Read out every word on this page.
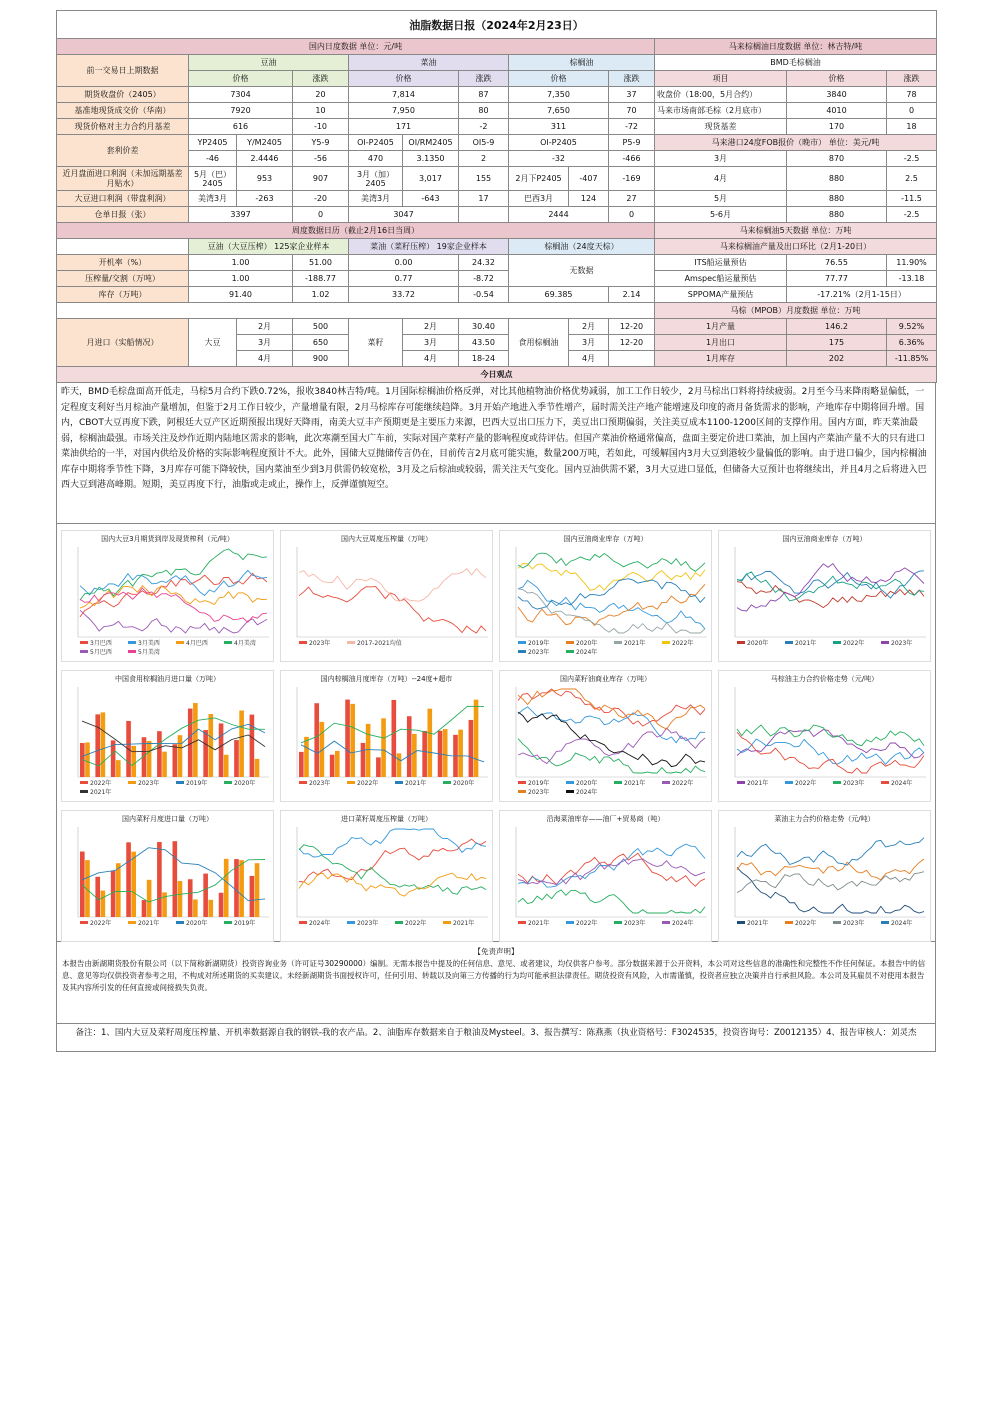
油脂数据日报（2024年2月23日）												
国内日度数据 单位：元/吨										马来棕榈油日度数据 单位：林吉特/吨		
前一交易日上期数据	豆油			菜油			棕榈油			BMD毛棕榈油		
	价格		涨跌	价格		涨跌	价格		涨跌	项目	价格	涨跌
期货收盘价（2405）	7304		20	7,814		87	7,350		37	收盘价（18:00，5月合约）	3840	78
基准地现货成交价（华南）	7920		10	7,950		80	7,650		70	马来市场南部毛棕（2月底市）	4010	0
现货价格对主力合约月基差	616		-10	171		-2	311		-72	现货基差	170	18
套利价差	YP2405	Y/M2405	Y5-9	OI-P2405	OI/RM2405	OI5-9	OI-P2405		P5-9	马来港口24度FOB报价（晚市） 单位：美元/吨		
	-46	2.4446	-56	470	3.1350	2	-32		-466	3月	870	-2.5
近月盘面进口利润（未加远期基差月贴水）	5月（巴）2405	953	907	3月（加）2405	3,017	155	2月下P2405	-407	-169	4月	880	2.5
大豆进口利润（带盘利润）	美湾3月	-263	-20	美湾3月	-643	17	巴西3月	124	27	5月	880	-11.5
仓单日报（张）	3397		0	3047			2444		0	5-6月	880	-2.5
周度数据日历（截止2月16日当周）										马来棕榈油5天数据 单位：万吨		
	豆油（大豆压榨） 125家企业样本			菜油（菜籽压榨） 19家企业样本			棕榈油（24度天棕）			马来棕榈油产量及出口环比（2月1-20日）		
开机率（%）	1.00		51.00	0.00		24.32	无数据			ITS船运量预估	76.55	11.90%
压榨量/交割（万吨）	1.00		-188.77	0.77		-8.72				Amspec船运量预估	77.77	-13.18
库存（万吨）	91.40		1.02	33.72		-0.54	69.385		2.14	SPPOMA产量预估	-17.21%（2月1-15日）	
										马棕（MPOB）月度数据 单位：万吨		
月进口（实船情况）	大豆	2月	500	菜籽	2月	30.40	食用棕榈油	2月	12-20	1月产量	146.2	9.52%
		3月	650		3月	43.50		3月	12-20	1月出口	175	6.36%
		4月	900		4月	18-24		4月		1月库存	202	-11.85%
今日观点												
昨天，BMD毛棕盘面高开低走，马棕5月合约下跌0.72%，报收3840林吉特/吨。1月国际棕榈油价格反弹，对比其他植物油价格优势减弱，加工工作日较少，2月马棕出口料将持续疲弱。2月至今马来降雨略显偏低，一定程度支利好当月棕油产量增加，但鉴于2月工作日较少，产量增量有限，2月马棕库存可能继续趋降。3月开始产地进入季节性增产，届时需关注产地产能增速及印度的斋月备货需求的影响，产地库存中期将回升增。国内，CBOT大豆再度下跌，阿根廷大豆产区近期预报出现好天降雨，南美大豆丰产预期更是主要压力来源，巴西大豆出口压力下，美豆出口预期偏弱，关注美豆成本1100-1200区间的支撑作用。国内方面，昨天菜油最弱，棕榈油最强。市场关注及炒作近期内陆地区需求的影响，此次寒潮至国大广车前，实际对国产菜籽产量的影响程度或待评估。但国产菜油价格通常偏高，盘面主要定价进口菜油，加上国内产菜油产量不大的只有进口菜油供给的一半，对国内供给及价格的实际影响程度预计不大。此外，国储大豆抛储传言仍在，目前传言2月底可能实施，数量200万吨，若如此，可缓解国内3月大豆到港较少量偏低的影响。由于进口偏少，国内棕榈油库存中期将季节性下降，3月库存可能下降较快，国内菜油至少到3月供需仍较宽松，3月及之后棕油或较弱，需关注天气变化。国内豆油供需不紧，3月大豆进口显低，但储备大豆预计也将继续出，并且4月之后将进入巴西大豆到港高峰期。短期，美豆再度下行，油脂或走或止，操作上，反弹谨慎短空。
国内大豆3月期货到岸及现货榨利（元/吨）
3月巴西	3月美西	4月巴西	4月美湾
5月巴西	5月美湾
国内大豆周度压榨量（万吨）
2023年	2017-2021均值
国内豆油商业库存（万吨）
2019年	2020年	2021年	2022年
2023年	2024年
国内豆油商业库存（万吨）
2020年	2021年	2022年	2023年
中国食用棕榈油月进口量（万吨）
2022年	2023年	2019年	2020年
2021年
国内棕榈油月度库存（万吨）--24度+超市
2023年	2022年	2021年	2020年
国内菜籽油商业库存（万吨）
2019年	2020年	2021年	2022年
2023年	2024年
马棕油主力合约价格走势（元/吨）
2021年	2022年	2023年	2024年
国内菜籽月度进口量（万吨）
2022年	2021年	2020年	2019年
进口菜籽周度压榨量（万吨）
2024年	2023年	2022年	2021年
沿海菜油库存——油厂+贸易商（吨）
2021年	2022年	2023年	2024年
菜油主力合约价格走势（元/吨）
2021年	2022年	2023年	2024年
【免责声明】
本报告由新湖期货股份有限公司（以下简称新湖期货）投资咨询业务（许可证号30290000）编制。无需本报告中提及的任何信息、意见、或者建议，均仅供客户参考。部分数据来源于公开资料，本公司对这些信息的准确性和完整性不作任何保证。本报告中的信息、意见等均仅供投资者参考之用，不构成对所述期货的买卖建议。未经新湖期货书面授权许可，任何引用、转载以及向第三方传播的行为均可能承担法律责任。期货投资有风险，入市需谨慎，投资者应独立决策并自行承担风险。本公司及其雇员不对使用本报告及其内容所引发的任何直接或间接损失负责。
备注：1、国内大豆及菜籽周度压榨量、开机率数据源自我的钢铁-我的农产品。2、油脂库存数据来自于粮油及Mysteel。3、报告撰写：陈燕燕（执业资格号：F3024535，投资咨询号：Z0012135）4、报告审核人：刘灵杰
